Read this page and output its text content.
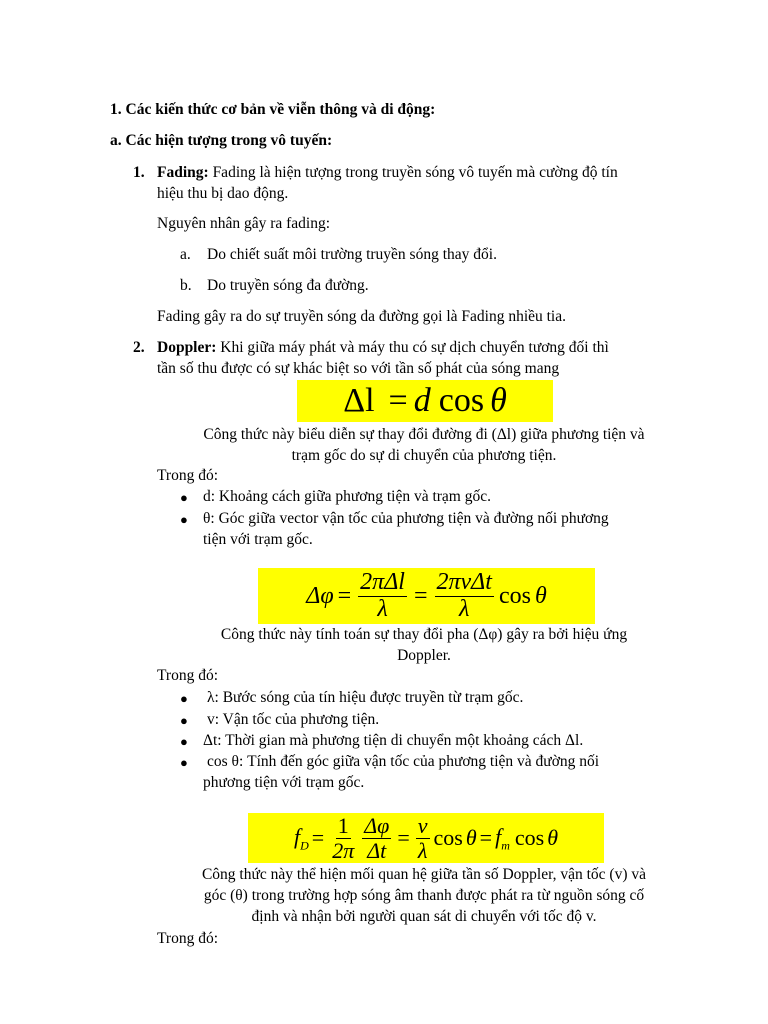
1. Các kiến thức cơ bản về viễn thông và di động:
a. Các hiện tượng trong vô tuyến:
1. Fading: Fading là hiện tượng trong truyền sóng vô tuyến mà cường độ tín
hiệu thu bị dao động.
Nguyên nhân gây ra fading:
a. Do chiết suất môi trường truyền sóng thay đổi.
b. Do truyền sóng đa đường.
Fading gây ra do sự truyền sóng da đường gọi là Fading nhiều tia.
2. Doppler: Khi giữa máy phát và máy thu có sự dịch chuyển tương đối thì
tần số thu được có sự khác biệt so với tần số phát của sóng mang
Δl = d cos θ
Công thức này biểu diễn sự thay đổi đường đi (Δl) giữa phương tiện và
trạm gốc do sự di chuyển của phương tiện.
Trong đó:
● d: Khoảng cách giữa phương tiện và trạm gốc.
● θ: Góc giữa vector vận tốc của phương tiện và đường nối phương
tiện với trạm gốc.
$\Delta\varphi = \frac{\text{2πΔl}}{\lambda} = \frac{\text{2πνΔt}}{\lambda}$ cos θ
Công thức này tính toán sự thay đổi pha (Δφ) gây ra bởi hiệu ứng
Doppler.
Trong đó:
● λ: Bước sóng của tín hiệu được truyền từ trạm gốc.
● v: Vận tốc của phương tiện.
● Δt: Thời gian mà phương tiện di chuyển một khoảng cách Δl.
● cos θ: Tính đến góc giữa vận tốc của phương tiện và đường nối
phương tiện với trạm gốc.
$f_D = \frac{1}{2\pi} \frac{\Delta\varphi}{\Delta t} = \frac{\nu}{\lambda}$ $\cos \theta = f_m$ cos θ
Công thức này thể hiện mối quan hệ giữa tần số Doppler, vận tốc (v) và
góc (θ) trong trường hợp sóng âm thanh được phát ra từ nguồn sóng cố
định và nhận bởi người quan sát di chuyển với tốc độ v.
Trong đó:
